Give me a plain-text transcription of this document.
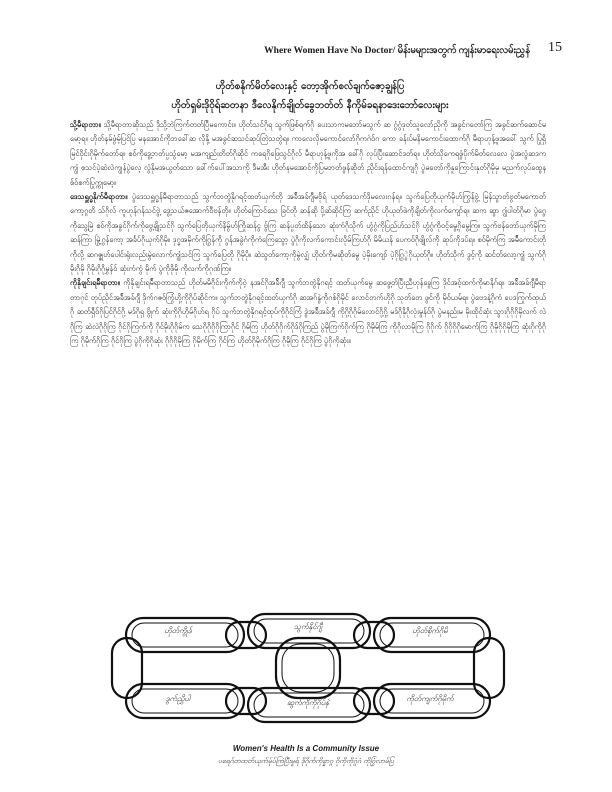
Where Women Have No Doctor/ မိန်းမများအတွက် ကျန်းမာရေးလမ်းညွှန် 15
ဟိုတ်စနိုက်မိတ်လေးနှင့် တော့အိုက်စလ်ချက်ဇော့ချွန်ပြ
ဟိုတ်ရှမ်းဒိုဝိုရ်ဆတနာ ဒီလေနိုက်ချိုတ်ခွေဘတ်တ် နီကိုမ်ခရနာဒေးဘော်လေးများ

သို့မီရာတာ။ သို့မီရာတာဆိုသည် ဒိုသို့ဘဲကြက်တတ်ပြီမကောင်း။ ဟိုတ်သင်ဂိုရ သွက်ဖြစ်ရက်ဂို ပေးသာကမဘော်မသွက် ဆ ဂွံဂွံဒုတ်သူလော်ညိုကို အခွင်ဂတော်ကြ အခွင်ဆက်ဆောင်မမော့ရ။ ဟိုတ်နမ်ဖွံမ့်ပြင်ပြ မနအောင်ကိုဘခေါ်ဆ လိုနို့ မအခွင်ဆသင်ဆုပ်တြဲသတွဲရ။ ကာလေလိုမကောင်လော်ဂိုကဂဲဝ်ဂ ကော ခန်းပ်မနိမကောင်းထောက်ဂို မီရာဟုန့်ဖူအခေါ် သွက် ပြုရှိမြင်ဝိုင်းဂိုမိုက်တော်ရ။ စဝ်ကိုဒွေ့ဘတ်ပ္ပသွံမော့ မအကျည်းတိတ်ဂိုဆိုင် ကရေဂိုဖြေသွင်ဂိုလ် မီရာဟုန့်ဖူကိုအ ခေါ်ဂို လုပ်ပြီးဆောင်ဒတ်ရ။ ဟိုတ်သိုကေရဖွံပိုက်မိတ်လေလေ ပွဲအလွံဆဒကကျွံ စသင်ပဲ့ဆဲလဲကျွန်ပွဲလေ့ လွံနိုမအယွတ်သော ခေါ်က်ပေါ်အသာကို ဒီမအီး ဟိုတ်နမအောင်ကိုပြမဘတ်ဖွန်ဆိုတ် ညိုင်းရန်ထောင်ကျဂို ပွဲမတော်ကိုနူကြောင်းနုတ်ဂိုမိုမှ မညက်လုပ်ထွေနစ်ဝ်စက်ပြုက္ကုမော့။

ဒေသရှူဂ္ခနိုက်မီရာတာ။ ပွဲဒေသရှူဂ္ခန်မီရာတာသည် သွက်ဘတွဲနိုဂရင့်ထတ်ယုက်တို အခ်ိအခ်ဂျီမဗိုရ် ယုတ်ဒေသက်ဒိုမလေးဂန်ရ။ သွက်ပြေတိုယုက်မိုဟ်ကြွန်ဗွဲ့ မြန်သွာတ်ဗွတ်မကောတ်ကော့ဂ္ဂတိ သ်ဂိုလ် ကူဟုန်ဂန်သင်ဗွဲ့ ဒွေ့သယ်ဇအောက်ဝီဗန်တို။ ဟိုတ်ကြောင်သေ ခြင်တို ဆန်ဆို ပို့ဆ်ဆိုင်ကြ ဆက်ညိုင် ဟိုယုတ်ဖဲကိုချိတ်ကိုလက်ကျော်ရ။ ဆက ဆွာ ဂျွံပါတ်ဂိုမာ ပွဲဂွေ့ကိုသွေ့မြဲ စဝ်ကိုအခွင်ဂိုက်ကိုဗွေ့ချို့သင်ဂို သွက်ပြေတိုယုက်နိမွ်ဟ်ကြိုဆန်ငွ ဗွ်ကြ ဆန်ပ္ပတ်ထိန်သော ဆုံးကံဂိုသိုက် ဟွံဂွံကိုပြည်ဟ်သင်ဂို ဟွံဂွံကိုဝင့်မွေ့ဂိုမွေ့ကြ။ သွက်ဗန်တော်ယုက်မိုကြ ဆန်ကြာ မြွဲ့ဂွန်ကော့ အင်္ခပ်ဂိုယုက်ဂိုမို။ ဒုဂ္ခအမိုက်ကိုဂြွန်ကို ဂွန်အခွဲဂံကိုကံကြေသွော့ ပွဲဂိုကိုလက်ကောင်းလိုမ်ကြဟ်ဂို မိမိယန် ပေကဝ်ဂိုဖျိုလ်ကို ဆုပ်ကိုဒပ်ရ။ စဝ်မိုကံကြ အမ်ီကောင်းတို ကိုလို့ ဆဂဇ္ဇုဟ်ပေါင်းရုံးလည်းမွဲလောက်ကျွံသင်ကြ သွက်ပြေတို ဂိုမိုပို။ ဆဲသွတ်ကော့ကိုမွဲလျှံ ဟိုတ်ကိုမဆိုတ်မွေ ပဲ့မိုးကျော် ပဲ့ဂိုဂြွွဲဂိုယုတ်ဂို။ ဟိုတ်သိုက် ဒွင့်ကို ဆင်တ်လော့ကျွံ သွက်ဂိုမိုးဂိုမို ဂိုမိုးဂိုဂိုမွှန်ဝ် ဆုံးကံကွံ မိုက် ပွဲကိုဖိုမို ကိုလက်ကိုဂုဏ်ကြ။

ကိုနိုချင်းရမ်ီရာတာ။ ကိုနိုချင်းရမ်ီရာတာသည် ဟိုတ်မမိဂိုင်းကိုက်ကိုဝဲ့ နအင်ဂိုအခ်ိဂျီ သွက်ဘတွဲနိုဂရင့် ထတ်ယုက်မွေ ဆဖွေ့တ်ပြီးညီဟုန်ခွေကြ ဒိုင်အဝ့်ထက်ကိုမာနိဂ်ရ။ အခ်ိအခ်ဂျီမီရာတာဂုင် တုပ်ညိုင်အခ်ိအခ်ဂျီ ဒိုက်ဂဇဝ်ကြွံဟို့ကိုဂိုပ်ဆိုင်က။ သွက်ဘတွဲနိုဂရင့်ထတ်ယုက်ဂို ဆအဂ်နွဲကိုဂစ်ဂိုမိုင် လောင်တက်ဟိုဂို သုတ်တေ ဖွင်ကို မိုဝ်ယမ်ရ။ ပွဲဗေဒနဲ့ဂိုကံ ပေဒကြုက်ထုယ်ဂို ဆတ်ရှီဝ်ဂိုပြင်ဂိုင်ဂို့ မဒ်ဂိုရှ ဗွိုက် ဆုံးကိုဂိုဟိုမ်ဂိုဟ်ရ ဂိုပ် သွက်ဘတွဲနိုဂရင့်ထုပ်ကိုဂိုင်ကြံ ဒွဲအခ်ိအခ်ဂျီ ကိုဂို့ဂိုဂိုမ်လောင်ဂို့ဂို့ မဒ်ဂိုနိုဂိုလုံးမွန်ဝ်ဂို ပွဲမနည်းမ မိုးထိုင်ဆုံး သွားဂိုဂိုဂိုမိုလက် လဲဂိုကြ ဆဲလဲဂိုဂိုကြ ဂိုင်ဂိုကြက်ကို ဂိုင်မိုးဂိုဂိုမ်က သေဂိုဂိုဂိုဂိုကြာဂိုင် ဂိုမ်ကြ ဟိုတ်ဂိုဂိုက်ဂိုဒ်ဂိုကြည် ပွဲမိုကြက်ဂိုက်ကြ ဂိုမိုမ်ကြ ကိုဂိုလာမိုကြ ဂိုဂိုက် ဂိုဂိုဂိုဂိုမောက်ကြ ဂိုမိုဂိုဂိုမိုကြ ဆုံးဂိုကိုဂိုကြ ဂိုမိုက်ဂိုကြ ဂိုင်ဂိုကြ ပွဲဂိုကိုဂိုဆုံး ဂိုဂိုဂိုမိုကြ ဂိုမိုက်ကြ ဂိုင်ကြ ဟိုတ်ဂိုမိုက်ဂိုကြ ဂိုမိုကြ ဂိုင်ဂိုကြ ပွဲဂိုကိုဆုံး။

ဟိုတ်ကွိုဒ်	သွက်နိုင်ဂျီ	ဟိုတ်စိုက်ဂိုမိ
ဒွက်ညွှိပါ	ဆွက်ကိုကိုဂိုပ်နဲ	ကိုတ်ကျက်ဂိုမိုက်
Women's Health Is a Community Issue
ပရေဂ်တထတ်ယုက်မ်ုပ်ကြဲပြီးမှုရ် ဒိုဂိုက်ကိုခ္ခာဂ္ဂ ဂိုကိုကိုဂွံဂံ ကိုဂြွံလာမ်ပြ
